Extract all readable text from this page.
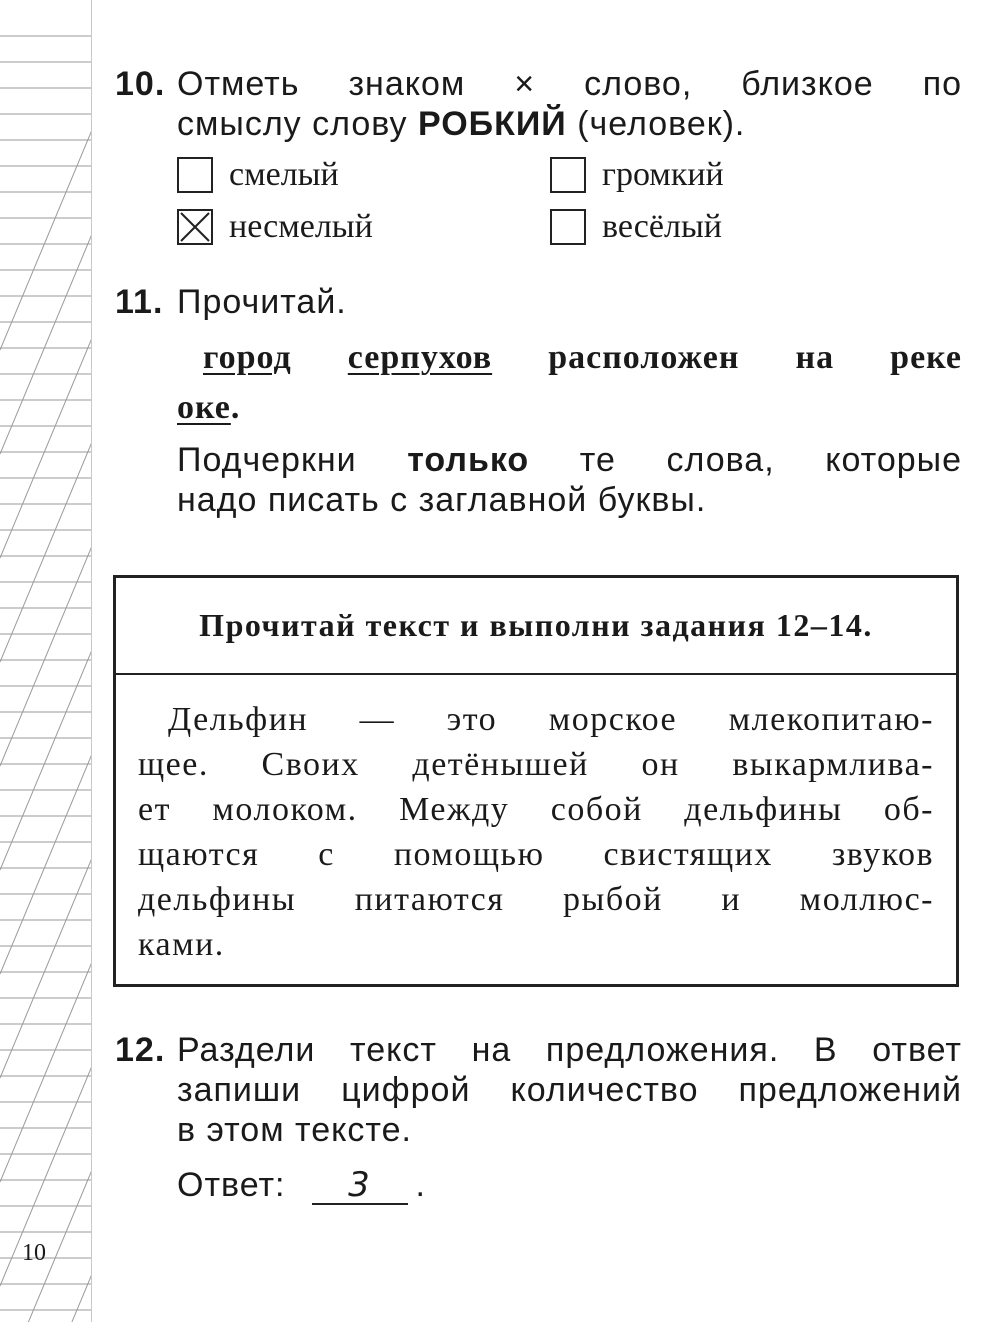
10. Отметь знаком × слово, близкое по
смыслу слову РОБКИЙ (человек).
смелый	громкий
несмелый	весёлый
11. Прочитай.
город серпухов расположен на реке
оке.
Подчеркни только те слова, которые
надо писать с заглавной буквы.
Прочитай текст и выполни задания 12–14.
Дельфин — это морское млекопитаю-
щее. Своих детёнышей он выкармлива-
ет молоком. Между собой дельфины об-
щаются с помощью свистящих звуков
дельфины питаются рыбой и моллюс-
ками.
12. Раздели текст на предложения. В ответ
запиши цифрой количество предложений
в этом тексте.
Ответ:	3	.
10
